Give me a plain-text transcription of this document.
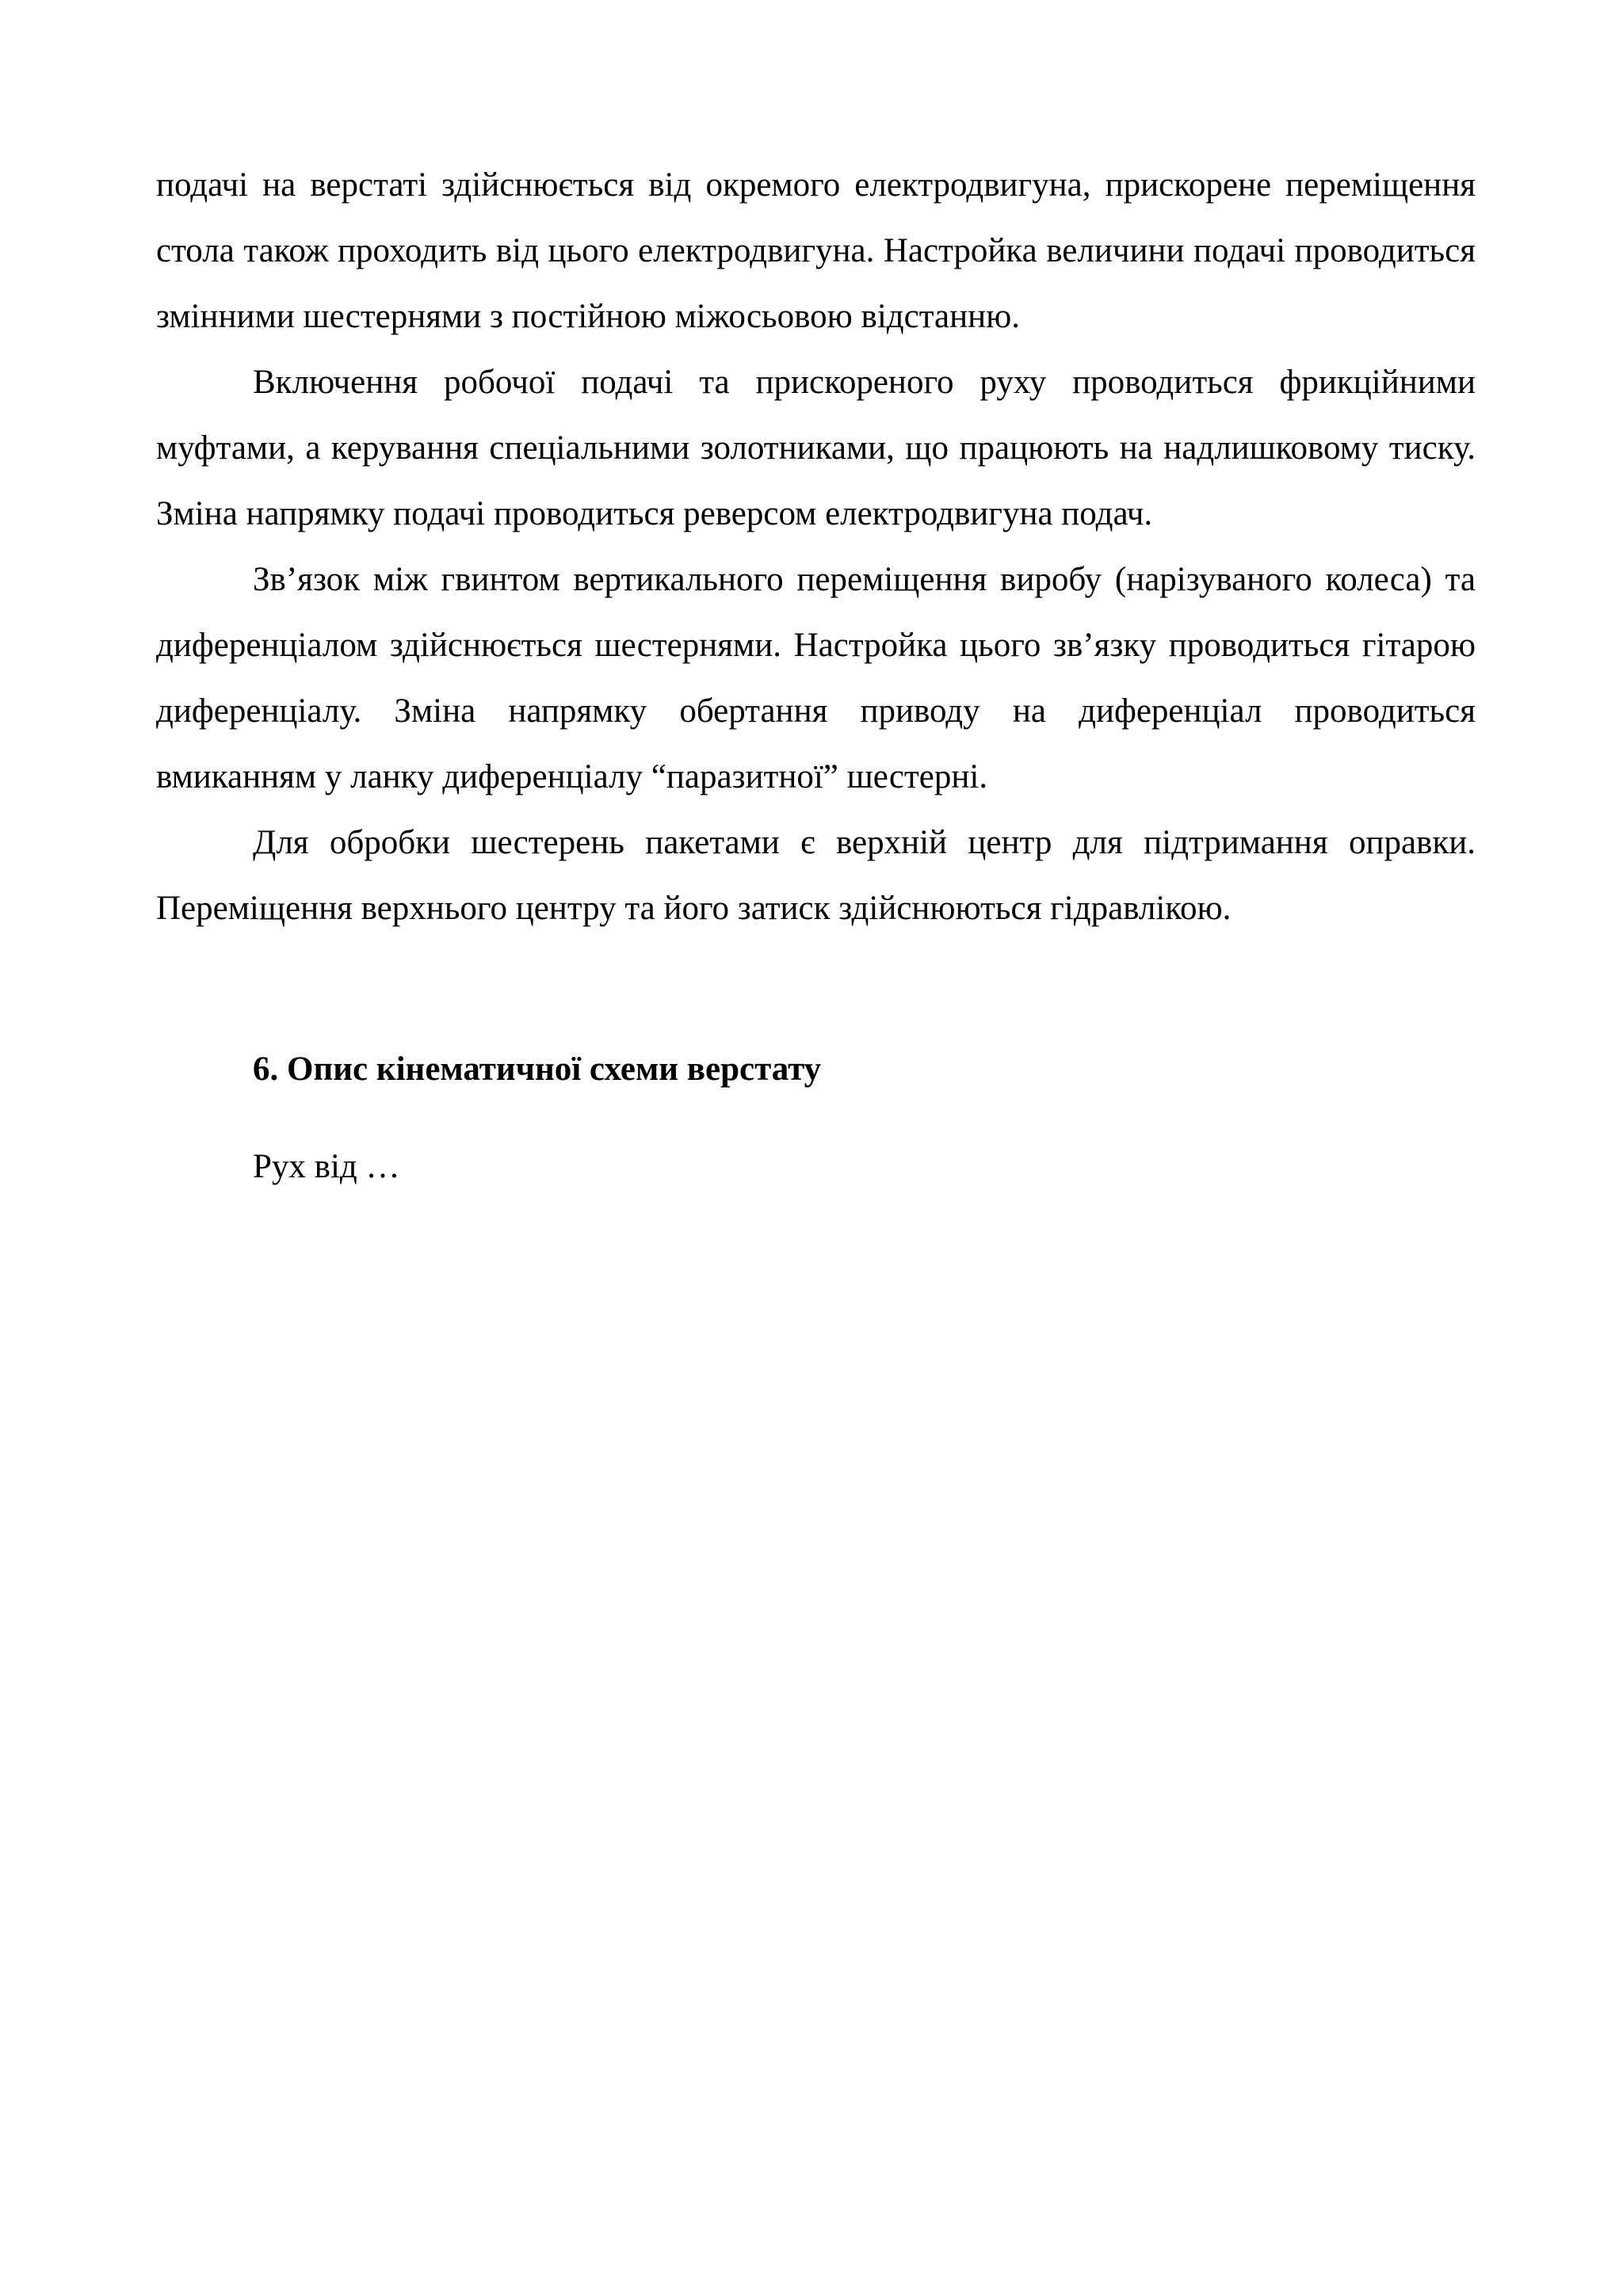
подачі на верстаті здійснюється від окремого електродвигуна, прискорене переміщення стола також проходить від цього електродвигуна. Настройка величини подачі проводиться змінними шестернями з постійною міжосьовою відстанню.

Включення робочої подачі та прискореного руху проводиться фрикційними муфтами, а керування спеціальними золотниками, що працюють на надлишковому тиску. Зміна напрямку подачі проводиться реверсом електродвигуна подач.

Зв’язок між гвинтом вертикального переміщення виробу (нарізуваного колеса) та диференціалом здійснюється шестернями. Настройка цього зв’язку проводиться гітарою диференціалу. Зміна напрямку обертання приводу на диференціал проводиться вмиканням у ланку диференціалу “паразитної” шестерні.

Для обробки шестерень пакетами є верхній центр для підтримання оправки. Переміщення верхнього центру та його затиск здійснюються гідравлікою.

6. Опис кінематичної схеми верстату

Рух від …
